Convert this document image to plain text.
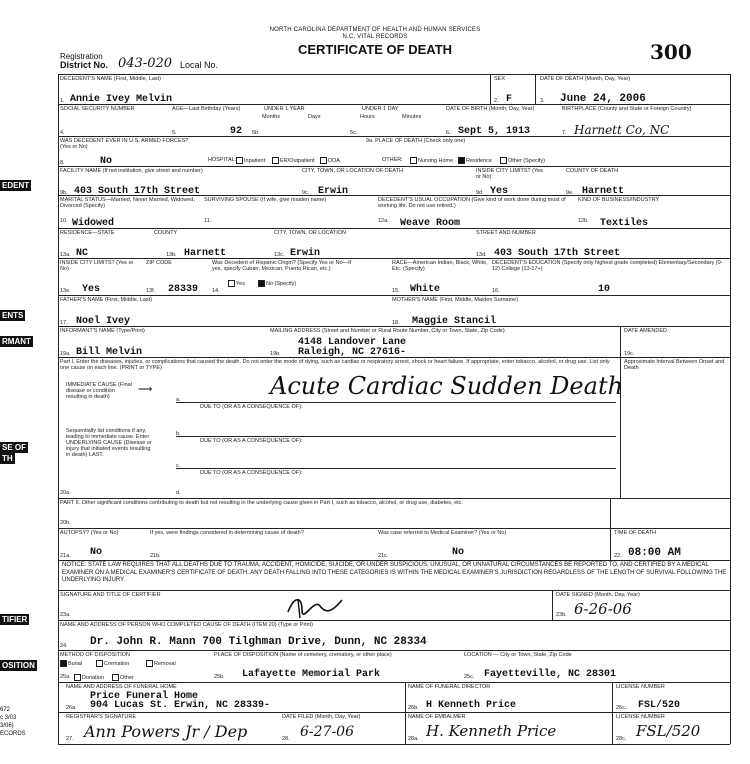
NORTH CAROLINA DEPARTMENT OF HEALTH AND HUMAN SERVICES
N.C. VITAL RECORDS
CERTIFICATE OF DEATH	300
Registration
District No. 043-020 Local No.
EDENT
ENTS
RMANT
SE OF
TH
TIFIER
OSITION
672
c 3/03
3/06)
ECORDS
DECEDENT'S NAME (First, Middle, Last)
1. Annie Ivey Melvin
SEX
2. F
DATE OF DEATH (Month, Day, Year)
3. June 24, 2006
SOCIAL SECURITY NUMBER
4.
AGE—Last Birthday (Years)
5.	92
UNDER 1 YEAR
Months	Days
5b.
UNDER 1 DAY
Hours	Minutes
5c.
DATE OF BIRTH (Month, Day, Year)
6. Sept 5, 1913
BIRTHPLACE (County and State or Foreign Country)
7. Harnett Co, NC
WAS DECEDENT EVER IN U.S. ARMED FORCES? (Yes or No)
8.	No
9a. PLACE OF DEATH (Check only one)
HOSPITAL:	Inpatient	ER/Outpatient	DOA	OTHER:	Nursing Home	Residence	Other (Specify)
FACILITY NAME (If not institution, give street and number)
9b. 403 South 17th Street
CITY, TOWN, OR LOCATION OF DEATH
9c. Erwin
INSIDE CITY LIMITS? (Yes or No)
9d. Yes
COUNTY OF DEATH
9e. Harnett
MARITAL STATUS—Married, Never Married, Widowed, Divorced (Specify)
10. Widowed
SURVIVING SPOUSE (If wife, give maiden name)
11.
DECEDENT'S USUAL OCCUPATION (Give kind of work done during most of working life. Do not use retired.)
12a. Weave Room
KIND OF BUSINESS/INDUSTRY
12b. Textiles
RESIDENCE—STATE
13a. NC
COUNTY
13b. Harnett
CITY, TOWN, OR LOCATION
13c. Erwin
STREET AND NUMBER
13d. 403 South 17th Street
INSIDE CITY LIMITS? (Yes or No)
13e. Yes
ZIP CODE
13f. 28339
Was Decedent of Hispanic Origin? (Specify Yes or No—If yes, specify Cuban, Mexican, Puerto Rican, etc.)
14.
Yes	No (Specify)
RACE—American Indian, Black, White, Etc. (Specify)
15. White
DECEDENT'S EDUCATION (Specify only highest grade completed) Elementary/Secondary (0-12) College (13-17+)
16.	10
FATHER'S NAME (First, Middle, Last)
17. Noel Ivey
MOTHER'S NAME (First, Middle, Maiden Surname)
18. Maggie Stancil
INFORMANT'S NAME (Type/Print)
19a. Bill Melvin
MAILING ADDRESS (Street and Number or Rural Route Number, City or Town, State, Zip Code)
19b.
4148 Landover Lane
Raleigh, NC 27616-
DATE AMENDED
19c.
Part I. Enter the diseases, injuries, or complications that caused the death. Do not enter the mode of dying, such as cardiac or respiratory arrest, shock or heart failure. If appropriate, enter tobacco, alcohol, or drug use. List only one cause on each line. (PRINT or TYPE)
Approximate Interval Between Onset and Death
IMMEDIATE CAUSE (Final disease or condition resulting in death)
⟶	Acute Cardiac Sudden Death
a.
DUE TO (OR AS A CONSEQUENCE OF):
Sequentially list conditions if any, leading to immediate cause. Enter UNDERLYING CAUSE (Disease or injury that initiated events resulting in death) LAST.
b.
DUE TO (OR AS A CONSEQUENCE OF):
c.
DUE TO (OR AS A CONSEQUENCE OF):
20a.	d.
PART II. Other significant conditions contributing to death but not resulting in the underlying cause given in Part I, such as tobacco, alcohol, or drug use, diabetes, etc.
20b.
AUTOPSY? (Yes or No)
21a. No
If yes, were findings considered in determining cause of death?
21b.
Was case referred to Medical Examiner? (Yes or No)
21c.	No
TIME OF DEATH
22. 08:00 AM
NOTICE: STATE LAW REQUIRES THAT ALL DEATHS DUE TO TRAUMA, ACCIDENT, HOMICIDE, SUICIDE, OR UNDER SUSPICIOUS, UNUSUAL, OR UNNATURAL CIRCUMSTANCES BE REPORTED TO, AND CERTIFIED BY A MEDICAL EXAMINER ON A MEDICAL EXAMINER'S CERTIFICATE OF DEATH. ANY DEATH FALLING INTO THESE CATEGORIES IS WITHIN THE MEDICAL EXAMINER'S JURISDICTION REGARDLESS OF THE LENGTH OF SURVIVAL FOLLOWING THE UNDERLYING INJURY.
SIGNATURE AND TITLE OF CERTIFIER
23a.
DATE SIGNED (Month, Day, Year)
23b. 6-26-06
NAME AND ADDRESS OF PERSON WHO COMPLETED CAUSE OF DEATH (ITEM 20) (Type or Print)
24. Dr. John R. Mann 700 Tilghman Drive, Dunn, NC 28334
METHOD OF DISPOSITION
Burial	Cremation	Removal
25a.	Donation	Other
PLACE OF DISPOSITION (Name of cemetery, crematory, or other place)
25b. Lafayette Memorial Park
LOCATION — City or Town, State, Zip Code
25c. Fayetteville, NC 28301
NAME AND ADDRESS OF FUNERAL HOME
Price Funeral Home
26a. 904 Lucas St. Erwin, NC 28339-
NAME OF FUNERAL DIRECTOR
26b. H Kenneth Price
LICENSE NUMBER
26c. FSL/520
REGISTRAR'S SIGNATURE
27. Ann Powers Jr / Dep
DATE FILED (Month, Day, Year)
28. 6-27-06
NAME OF EMBALMER
28a. H. Kenneth Price
LICENSE NUMBER
28c. FSL/520
